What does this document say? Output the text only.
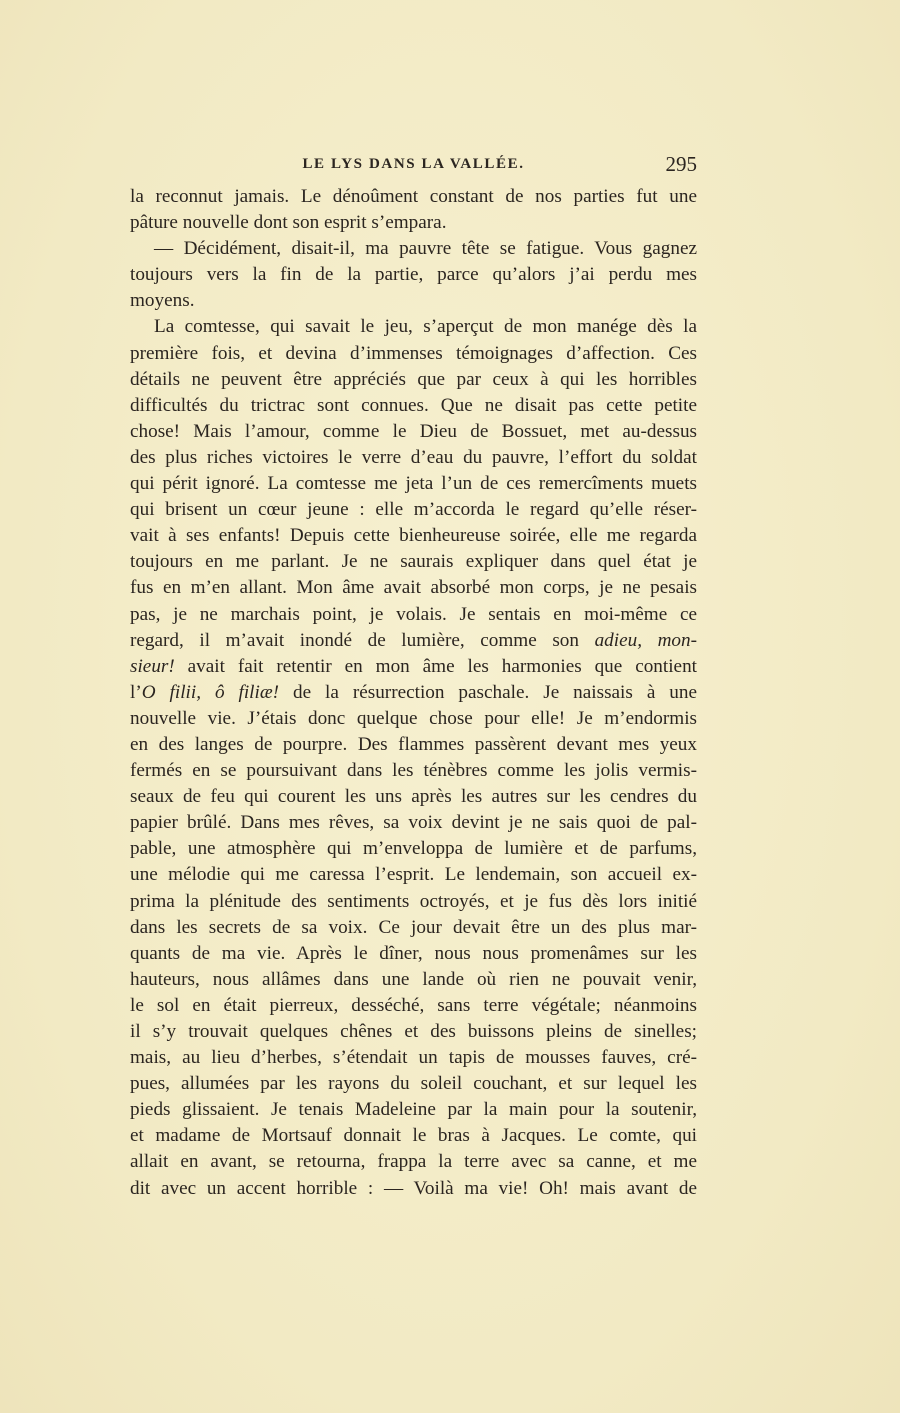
LE LYS DANS LA VALLÉE.	295
la reconnut jamais. Le dénoûment constant de nos parties fut une
pâture nouvelle dont son esprit s’empara.
— Décidément, disait-il, ma pauvre tête se fatigue. Vous gagnez
toujours vers la fin de la partie, parce qu’alors j’ai perdu mes
moyens.
La comtesse, qui savait le jeu, s’aperçut de mon manége dès la
première fois, et devina d’immenses témoignages d’affection. Ces
détails ne peuvent être appréciés que par ceux à qui les horribles
difficultés du trictrac sont connues. Que ne disait pas cette petite
chose! Mais l’amour, comme le Dieu de Bossuet, met au-dessus
des plus riches victoires le verre d’eau du pauvre, l’effort du soldat
qui périt ignoré. La comtesse me jeta l’un de ces remercîments muets
qui brisent un cœur jeune : elle m’accorda le regard qu’elle réser-
vait à ses enfants! Depuis cette bienheureuse soirée, elle me regarda
toujours en me parlant. Je ne saurais expliquer dans quel état je
fus en m’en allant. Mon âme avait absorbé mon corps, je ne pesais
pas, je ne marchais point, je volais. Je sentais en moi-même ce
regard, il m’avait inondé de lumière, comme son adieu, mon-
sieur! avait fait retentir en mon âme les harmonies que contient
l’O filii, ô filiæ! de la résurrection paschale. Je naissais à une
nouvelle vie. J’étais donc quelque chose pour elle! Je m’endormis
en des langes de pourpre. Des flammes passèrent devant mes yeux
fermés en se poursuivant dans les ténèbres comme les jolis vermis-
seaux de feu qui courent les uns après les autres sur les cendres du
papier brûlé. Dans mes rêves, sa voix devint je ne sais quoi de pal-
pable, une atmosphère qui m’enveloppa de lumière et de parfums,
une mélodie qui me caressa l’esprit. Le lendemain, son accueil ex-
prima la plénitude des sentiments octroyés, et je fus dès lors initié
dans les secrets de sa voix. Ce jour devait être un des plus mar-
quants de ma vie. Après le dîner, nous nous promenâmes sur les
hauteurs, nous allâmes dans une lande où rien ne pouvait venir,
le sol en était pierreux, desséché, sans terre végétale; néanmoins
il s’y trouvait quelques chênes et des buissons pleins de sinelles;
mais, au lieu d’herbes, s’étendait un tapis de mousses fauves, cré-
pues, allumées par les rayons du soleil couchant, et sur lequel les
pieds glissaient. Je tenais Madeleine par la main pour la soutenir,
et madame de Mortsauf donnait le bras à Jacques. Le comte, qui
allait en avant, se retourna, frappa la terre avec sa canne, et me
dit avec un accent horrible : — Voilà ma vie! Oh! mais avant de
